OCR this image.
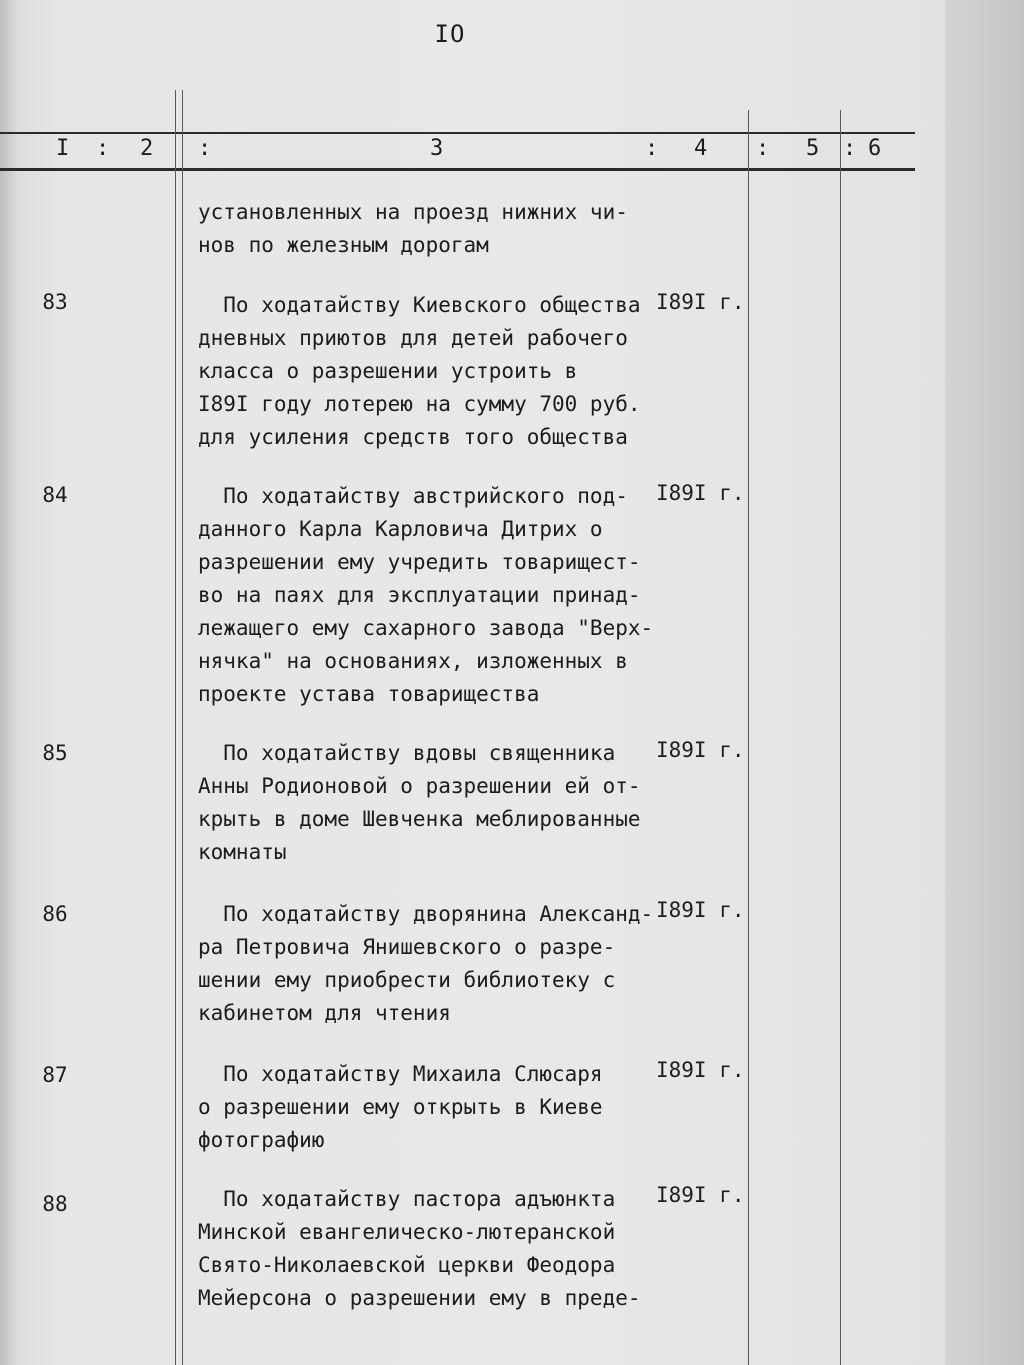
IO
I : 2 :	3	: 4 : 5 : 6
установленных на проезд нижних чи-
нов по железным дорогам
83	По ходатайству Киевского общества
дневных приютов для детей рабочего
класса о разрешении устроить в
I89I году лотерею на сумму 700 руб.
для усиления средств того общества
I89I г.
84	По ходатайству австрийского под-
данного Карла Карловича Дитрих о
разрешении ему учредить товарищест-
во на паях для эксплуатации принад-
лежащего ему сахарного завода "Верх-
нячка" на основаниях, изложенных в
проекте устава товарищества
I89I г.
85	По ходатайству вдовы священника
Анны Родионовой о разрешении ей от-
крыть в доме Шевченка меблированные
комнаты
I89I г.
86	По ходатайству дворянина Александ-
ра Петровича Янишевского о разре-
шении ему приобрести библиотеку с
кабинетом для чтения
I89I г.
87	По ходатайству Михаила Слюсаря
о разрешении ему открыть в Киеве
фотографию
I89I г.
88	По ходатайству пастора адъюнкта
Минской евангелическо-лютеранской
Свято-Николаевской церкви Феодора
Мейерсона о разрешении ему в преде-
I89I г.
